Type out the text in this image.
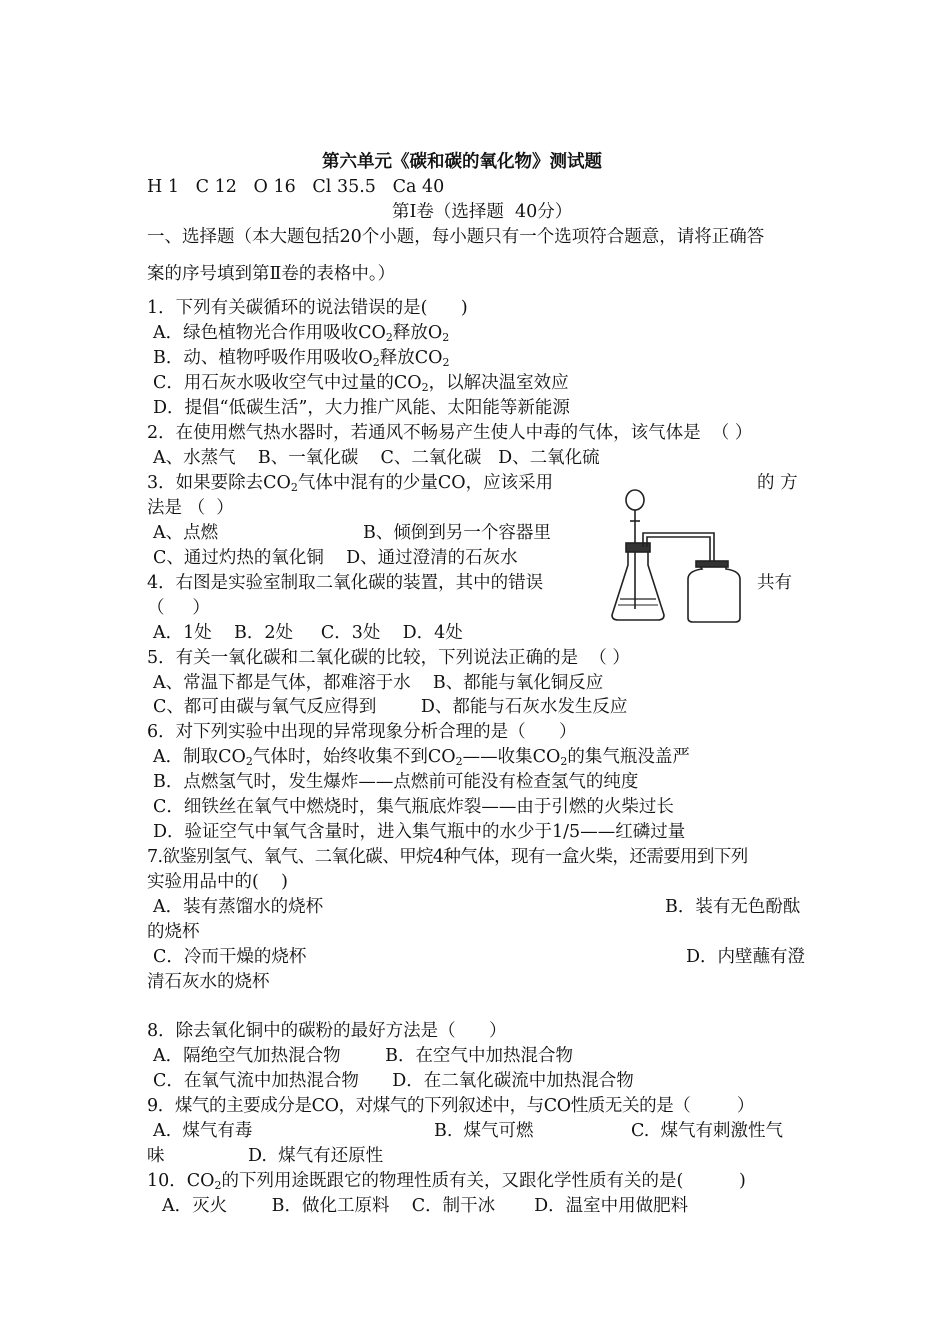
第六单元《碳和碳的氧化物》测试题
H 1   C 12   O 16   Cl 35.5   Ca 40
第Ⅰ卷（选择题  40分）
一、选择题（本大题包括20个小题，每小题只有一个选项符合题意，请将正确答
案的序号填到第Ⅱ卷的表格中。）
1．下列有关碳循环的说法错误的是(      )
A．绿色植物光合作用吸收$CO_2$释放$O_2$
B．动、植物呼吸作用吸收$O_2$释放$CO_2$
C．用石灰水吸收空气中过量的$CO_2$，以解决温室效应
D．提倡“低碳生活”，大力推广风能、太阳能等新能源
2．在使用燃气热水器时，若通风不畅易产生使人中毒的气体，该气体是  （ ）
A、水蒸气    B、一氧化碳    C、二氧化碳   D、二氧化硫
3．如果要除去$CO_2$气体中混有的少量CO，应该采用	的 方
法是 （  ）
A、点燃	B、倾倒到另一个容器里
C、通过灼热的氧化铜    D、通过澄清的石灰水
4．右图是实验室制取二氧化碳的装置，其中的错误	共有
（     ）
A．1处    B．2处     C．3处    D．4处
5．有关一氧化碳和二氧化碳的比较，下列说法正确的是  （ ）
A、常温下都是气体，都难溶于水    B、都能与氧化铜反应
C、都可由碳与氧气反应得到        D、都能与石灰水发生反应
6．对下列实验中出现的异常现象分析合理的是（      ）
A．制取$CO_2$气体时，始终收集不到$CO_2——$收集$CO_2$的集气瓶没盖严
B．点燃氢气时，发生爆炸——点燃前可能没有检查氢气的纯度
C．细铁丝在氧气中燃烧时，集气瓶底炸裂——由于引燃的火柴过长
D．验证空气中氧气含量时，进入集气瓶中的水少于1/5——红磷过量
7.欲鉴别氢气、氧气、二氧化碳、甲烷4种气体，现有一盒火柴，还需要用到下列
实验用品中的(    )
A．装有蒸馏水的烧杯	B．装有无色酚酞
的烧杯
C．冷而干燥的烧杯	D．内壁蘸有澄
清石灰水的烧杯
8．除去氧化铜中的碳粉的最好方法是（      ）
A．隔绝空气加热混合物        B．在空气中加热混合物
C．在氧气流中加热混合物      D．在二氧化碳流中加热混合物
9．煤气的主要成分是CO，对煤气的下列叙述中，与CO性质无关的是（         ）
A.  煤气有毒	B.  煤气可燃	C.  煤气有刺激性气
味	D.  煤气有还原性
10．$CO_2$的下列用途既跟它的物理性质有关，又跟化学性质有关的是(          )
A．灭火        B．做化工原料    C．制干冰       D．温室中用做肥料
